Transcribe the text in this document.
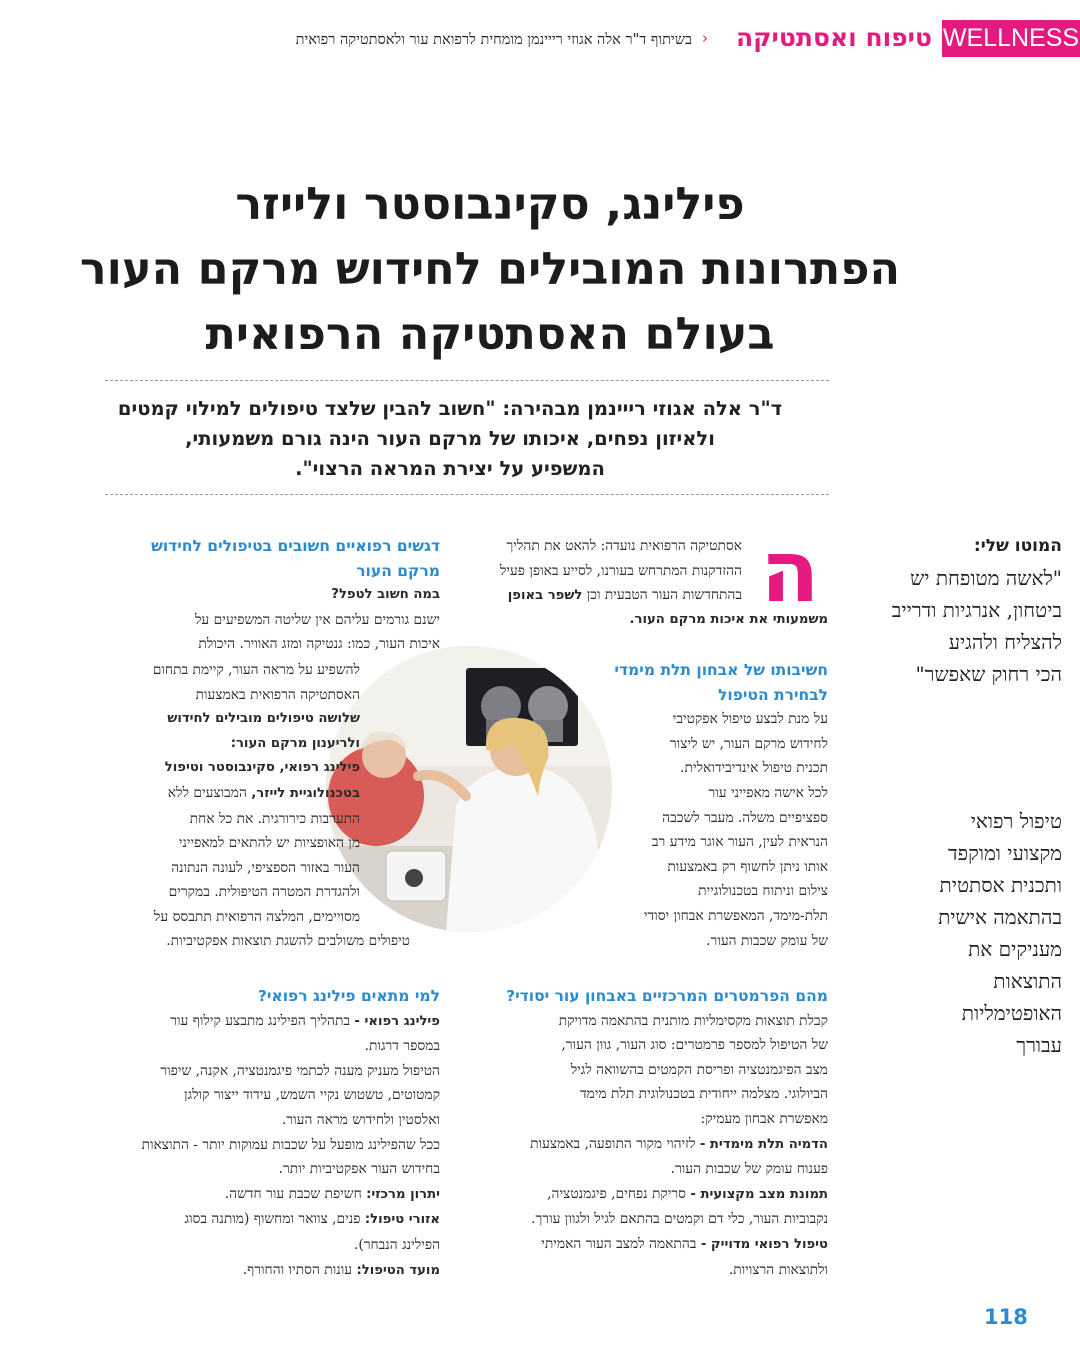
WELLNESS
טיפוח ואסתטיקה
‹
בשיתוף ד"ר אלה אגוזי רייינמן מומחית לרפואת עור ולאסתטיקה רפואית
פילינג, סקינבוסטר ולייזר
הפתרונות המובילים לחידוש מרקם העור
בעולם האסתטיקה הרפואית
ד"ר אלה אגוזי רייינמן מבהירה: "חשוב להבין שלצד טיפולים למילוי קמטים
ולאיזון נפחים, איכותו של מרקם העור הינה גורם משמעותי,
המשפיע על יצירת המראה הרצוי".
המוטו שלי:
"לאשה מטופחת יש
ביטחון, אנרגיות ודרייב
להצליח ולהגיע
הכי רחוק שאפשר"
טיפול רפואי
מקצועי ומוקפד
ותכנית אסתטית
בהתאמה אישית
מעניקים את
התוצאות
האופטימליות
עבורך
ה

אסתטיקה הרפואית נועדה: להאט את תהליך

ההזדקנות המתרחש בעורנו, לסייע באופן פעיל

בהתחדשות העור הטבעית וכן לשפר באופן

משמעותי את איכות מרקם העור.

חשיבותו של אבחון תלת מימדי

לבחירת הטיפול

על מנת לבצע טיפול אפקטיבי

לחידוש מרקם העור, יש ליצור

תכנית טיפול אינדיבידואלית.

לכל אישה מאפייני עור

ספציפיים משלה. מעבר לשכבה

הנראית לעין, העור אוגר מידע רב

אותו ניתן לחשוף רק באמצעות

צילום וניתוח בטכנולוגיית

תלת-מימד, המאפשרת אבחון יסודי

של עומק שכבות העור.

מהם הפרמטרים המרכזיים באבחון עור יסודי?

קבלת תוצאות מקסימליות מותנית בהתאמה מדויקת

של הטיפול למספר פרמטרים: סוג העור, גוון העור,

מצב הפיגמנטציה ופריסת הקמטים בהשוואה לגיל

הביולוגי. מצלמה ייחודית בטכנולוגית תלת מימד

מאפשרת אבחון מעמיק:

הדמיה תלת מימדית - לזיהוי מקור התופעה, באמצעות

פענוח עומק של שכבות העור.

תמונת מצב מקצועית - סריקת נפחים, פיגמנטציה,

נקבוביות העור, כלי דם וקמטים בהתאם לגיל ולגוון עורך.

טיפול רפואי מדוייק - בהתאמה למצב העור האמיתי

ולתוצאות הרצויות.

דגשים רפואיים חשובים בטיפולים לחידוש

מרקם העור

במה חשוב לטפל?

ישנם גורמים עליהם אין שליטה המשפיעים על

איכות העור, כמו: גנטיקה ומזג האוויר. היכולת

להשפיע על מראה העור, קיימת בתחום

האסתטיקה הרפואית באמצעות

שלושה טיפולים מובילים לחידוש

ולריענון מרקם העור:

פילינג רפואי, סקינבוסטר וטיפול

בטכנולוגיית לייזר, המבוצעים ללא

התערבות כירורגית. את כל אחת

מן האופציות יש להתאים למאפייני

העור באזור הספציפי, לעונה הנתונה

ולהגדרת המטרה הטיפולית. במקרים

מסויימים, המלצה הרפואית תתבסס על

טיפולים משולבים להשגת תוצאות אפקטיביות.

למי מתאים פילינג רפואי?

פילינג רפואי - בתהליך הפילינג מתבצע קילוף עור

במספר דרגות.

הטיפול מעניק מענה לכתמי פיגמנטציה, אקנה, שיפור

קמטוטים, טשטוש נקיי השמש, עידוד ייצור קולגן

ואלסטין ולחידוש מראה העור.

ככל שהפילינג מופעל על שכבות עמוקות יותר - התוצאות

בחידוש העור אפקטיביות יותר.

יתרון מרכזי: חשיפת שכבת עור חדשה.

אזורי טיפול: פנים, צוואר ומחשוף (מותנה בסוג

הפילינג הנבחר).

מועד הטיפול: עונות הסתיו והחורף.

118
